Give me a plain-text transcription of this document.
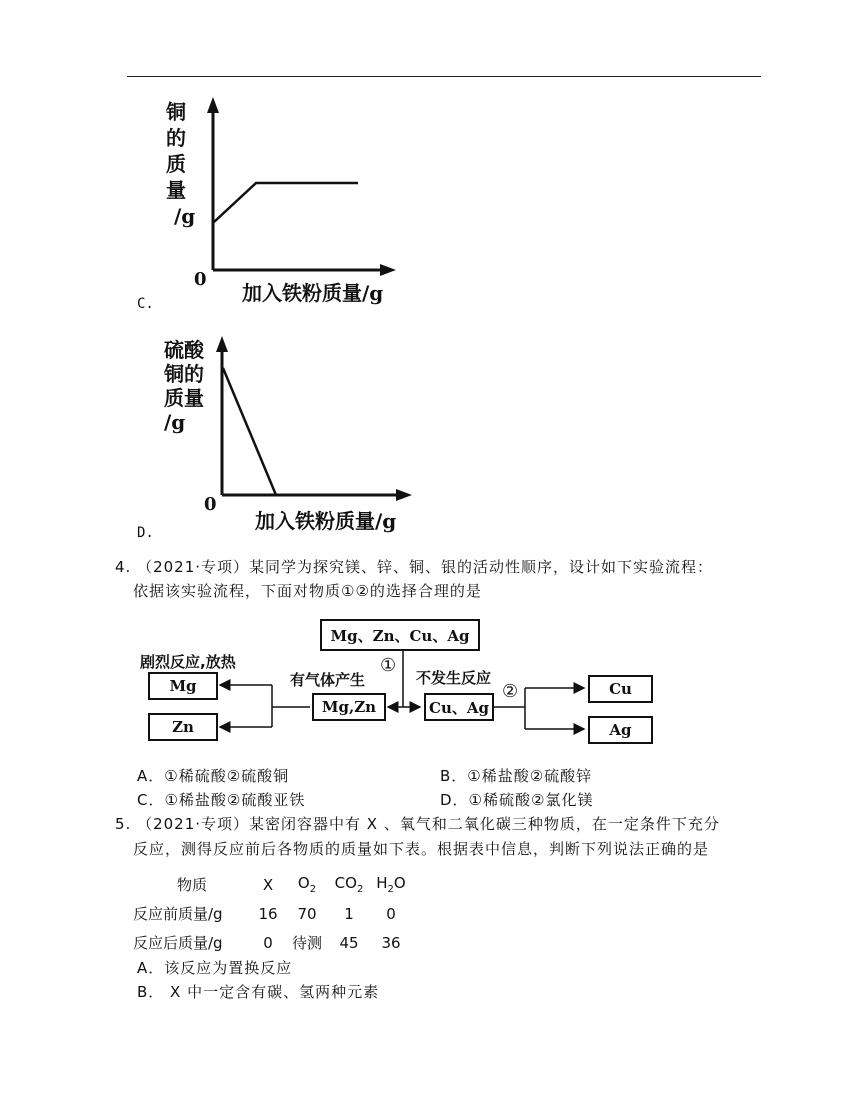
铜
的
质
量
/g
0
加入铁粉质量/g
C.
硫酸
铜的
质量
/g
0
加入铁粉质量/g
D.
4. （2021·专项）某同学为探究镁、锌、铜、银的活动性顺序，设计如下实验流程：
依据该实验流程，下面对物质①②的选择合理的是
Mg、Zn、Cu、Ag
Mg,Zn	Cu、Ag
Mg
Zn
Cu
Ag
剧烈反应,放热
有气体产生
①
不发生反应
②
A．①稀硫酸②硫酸铜	B．①稀盐酸②硫酸锌
C．①稀盐酸②硫酸亚铁	D．①稀硫酸②氯化镁
5. （2021·专项）某密闭容器中有 X 、氧气和二氧化碳三种物质，在一定条件下充分
反应，测得反应前后各物质的质量如下表。根据表中信息，判断下列说法正确的是
物质	X	$O_2$	$CO_2$	$H_2O$
反应前质量/g	16	70	1	0
反应后质量/g	0	待测	45	36
A．该反应为置换反应
B． X 中一定含有碳、氢两种元素
